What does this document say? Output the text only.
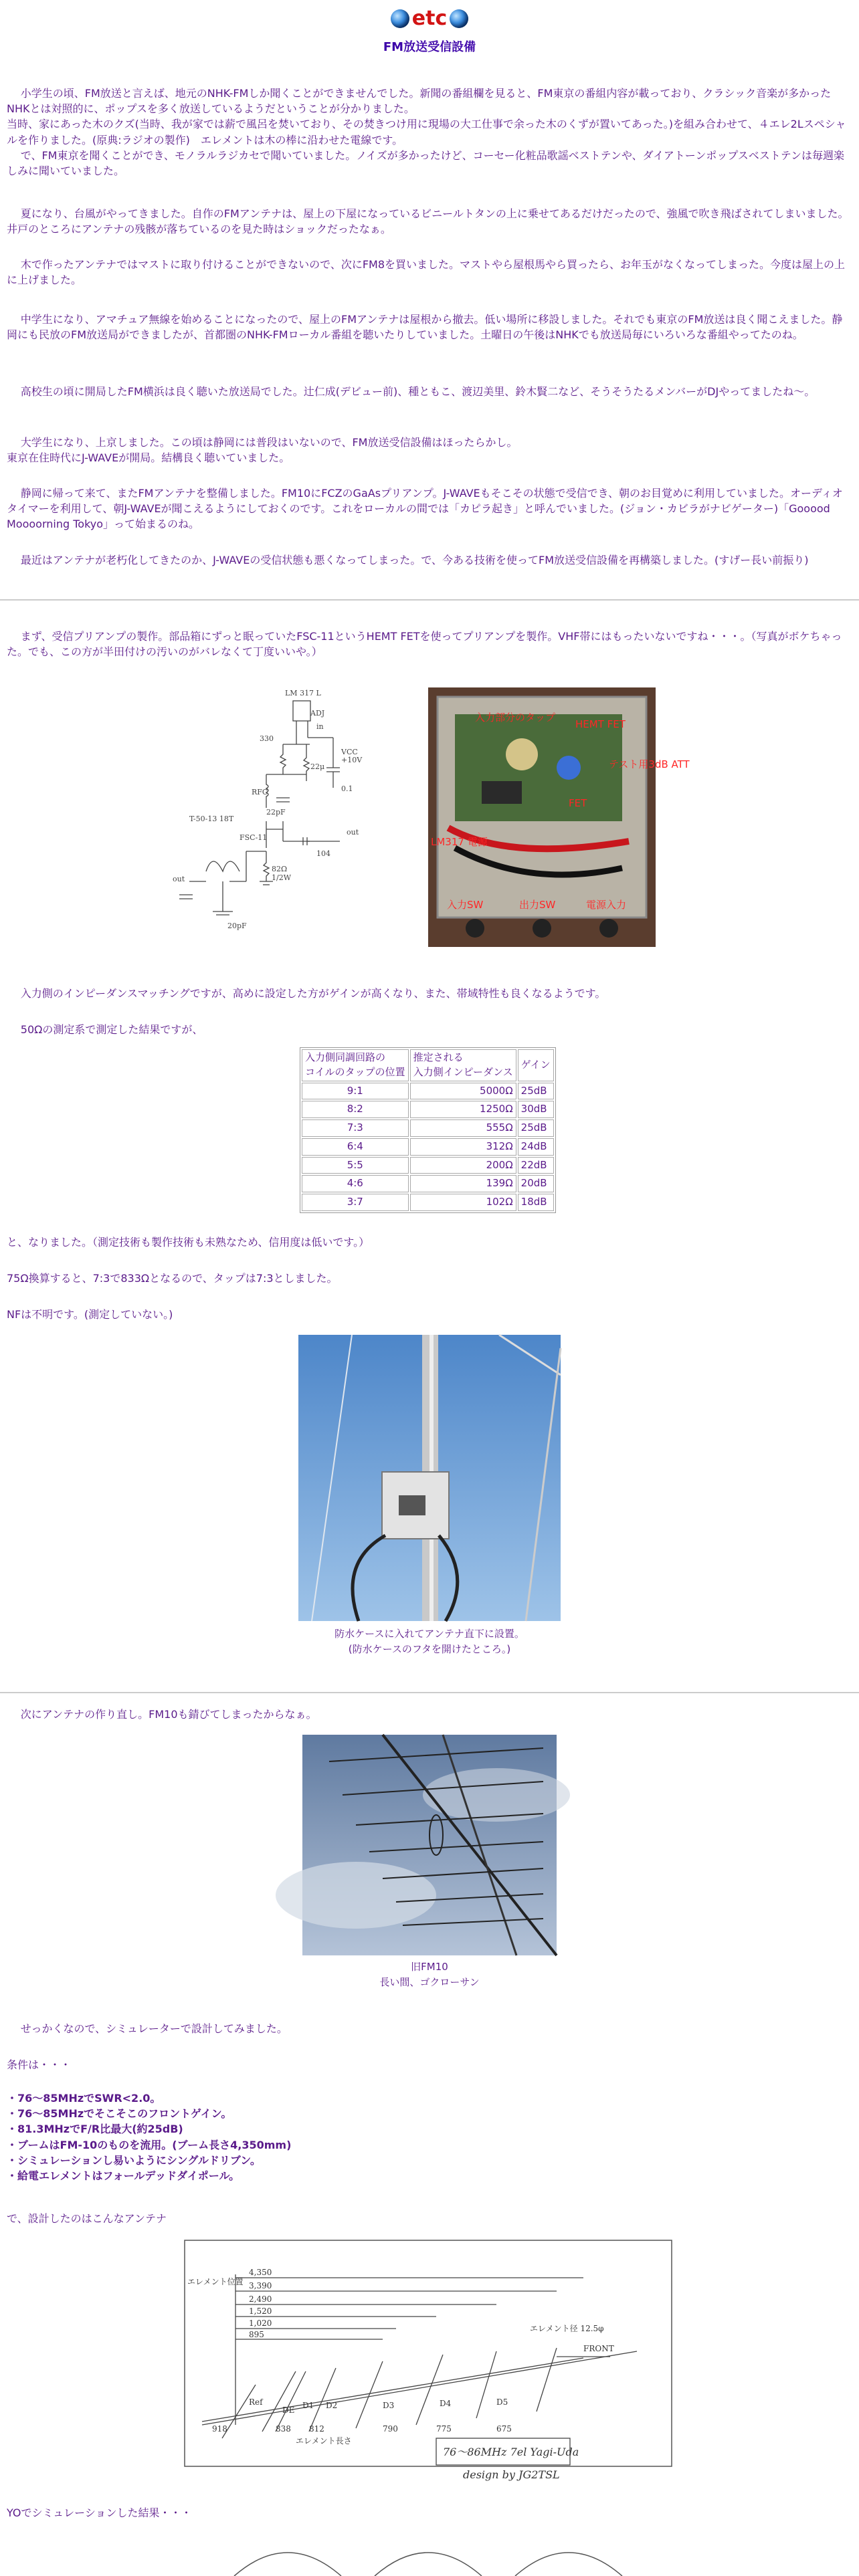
etc
FM放送受信設備

小学生の頃、FM放送と言えば、地元のNHK-FMしか聞くことができませんでした。新聞の番組欄を見ると、FM東京の番組内容が載っており、クラシック音楽が多かったNHKとは対照的に、ポップスを多く放送しているようだということが分かりました。

当時、家にあった木のクズ(当時、我が家では薪で風呂を焚いており、その焚きつけ用に現場の大工仕事で余った木のくずが置いてあった。)を組み合わせて、４エレ2Lスペシャルを作りました。(原典:ラジオの製作)　エレメントは木の棒に沿わせた電線です。

で、FM東京を聞くことができ、モノラルラジカセで聞いていました。ノイズが多かったけど、コーセー化粧品歌謡ベストテンや、ダイアトーンポップスベストテンは毎週楽しみに聞いていました。

夏になり、台風がやってきました。自作のFMアンテナは、屋上の下屋になっているビニールトタンの上に乗せてあるだけだったので、強風で吹き飛ばされてしまいました。井戸のところにアンテナの残骸が落ちているのを見た時はショックだったなぁ。

木で作ったアンテナではマストに取り付けることができないので、次にFM8を買いました。マストやら屋根馬やら買ったら、お年玉がなくなってしまった。今度は屋上の上に上げました。

中学生になり、アマチュア無線を始めることになったので、屋上のFMアンテナは屋根から撤去。低い場所に移設しました。それでも東京のFM放送は良く聞こえました。静岡にも民放のFM放送局ができましたが、首都圏のNHK-FMローカル番組を聴いたりしていました。土曜日の午後はNHKでも放送局毎にいろいろな番組やってたのね。

高校生の頃に開局したFM横浜は良く聴いた放送局でした。辻仁成(デビュー前)、種ともこ、渡辺美里、鈴木賢二など、そうそうたるメンバーがDJやってましたね〜。

大学生になり、上京しました。この頃は静岡には普段はいないので、FM放送受信設備はほったらかし。

東京在住時代にJ-WAVEが開局。結構良く聴いていました。

静岡に帰って来て、またFMアンテナを整備しました。FM10にFCZのGaAsプリアンプ。J-WAVEもそこその状態で受信でき、朝のお目覚めに利用していました。オーディオタイマーを利用して、朝J-WAVEが聞こえるようにしておくのです。これをローカルの間では「カピラ起き」と呼んでいました。(ジョン・カビラがナビゲーター)「Gooood Moooorning Tokyo」って始まるのね。

最近はアンテナが老朽化してきたのか、J-WAVEの受信状態も悪くなってしまった。で、今ある技術を使ってFM放送受信設備を再構築しました。(すげー長い前振り)

まず、受信プリアンプの製作。部品箱にずっと眠っていたFSC-11というHEMT FETを使ってプリアンプを製作。VHF帯にはもったいないですね・・・。（写真がボケちゃった。でも、この方が半田付けの汚いのがバレなくて丁度いいや。）

LM 317 L
in
out
330
22μ
VCC
+10V
RFC
22pF
0.1
FSC-11
T-50-13 18T
104
82Ω
20pF
1/2W
ADJ
out
入力部分のタップ
HEMT FET
テスト用3dB ATT
FET
LM317 電源
入力SW	出力SW	電源入力

入力側のインピーダンスマッチングですが、高めに設定した方がゲインが高くなり、また、帯域特性も良くなるようです。

50Ωの測定系で測定した結果ですが、

入力側同調回路の
コイルのタップの位置	推定される
入力側インピーダンス	ゲイン
9:1	5000Ω	25dB
8:2	1250Ω	30dB
7:3	555Ω	25dB
6:4	312Ω	24dB
5:5	200Ω	22dB
4:6	139Ω	20dB
3:7	102Ω	18dB

と、なりました。（測定技術も製作技術も未熟なため、信用度は低いです。）

75Ω換算すると、7:3で833Ωとなるので、タップは7:3としました。

NFは不明です。(測定していない。)

防水ケースに入れてアンテナ直下に設置。
(防水ケースのフタを開けたところ。)

次にアンテナの作り直し。FM10も錆びてしまったからなぁ。

旧FM10
長い間、ゴクローサン

せっかくなので、シミュレーターで設計してみました。

条件は・・・

・76〜85MHzでSWR<2.0。
・76〜85MHzでそこそこのフロントゲイン。
・81.3MHzでF/R比最大(約25dB)
・ブームはFM-10のものを流用。(ブーム長さ4,350mm)
・シミュレーションし易いようにシングルドリブン。
・給電エレメントはフォールデッドダイポール。

で、設計したのはこんなアンテナ

エレメント位置
4,350
3,390
2,490
1,520
1,020
895
エレメント径 12.5φ
FRONT
Ref
DE D1 D2	D3	D4	D5
918	838 812	790	775	675
エレメント長さ
76〜86MHz 7el Yagi-Uda
design by JG2TSL

YOでシミュレーションした結果・・・
